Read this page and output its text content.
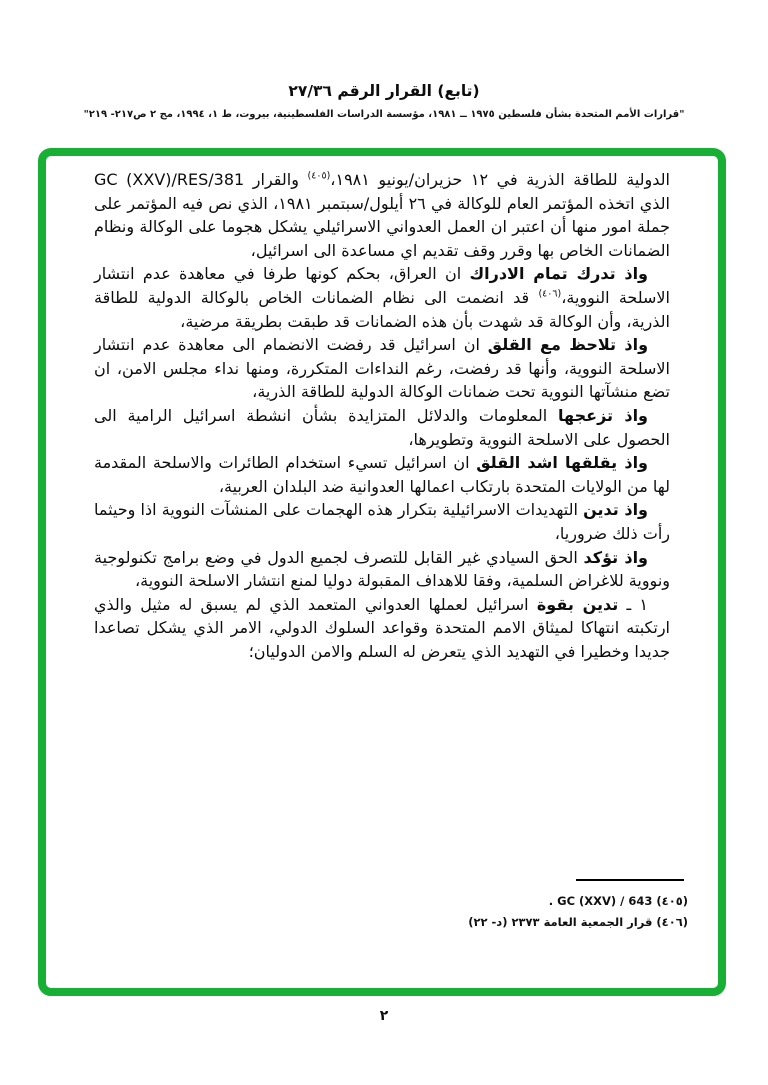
(تابع) القرار الرقم ٢٧/٣٦
"قرارات الأمم المتحدة بشأن فلسطين ١٩٧٥ ــ ١٩٨١، مؤسسة الدراسات الفلسطينية، بيروت، ط ١، ١٩٩٤، مج ٢ ص٢١٧- ٢١٩"

الدولية للطاقة الذرية في ١٢ حزيران/يونيو ١٩٨١،$^{(٤٠٥)}$ والقرار GC (XXV)/RES/381 الذي اتخذه المؤتمر العام للوكالة في ٢٦ أيلول/سبتمبر ١٩٨١، الذي نص فيه المؤتمر على جملة امور منها أن اعتبر ان العمل العدواني الاسرائيلي يشكل هجوما على الوكالة ونظام الضمانات الخاص بها وقرر وقف تقديم اي مساعدة الى اسرائيل،

واذ تدرك تمام الادراك ان العراق، بحكم كونها طرفا في معاهدة عدم انتشار الاسلحة النووية،$^{(٤٠٦)}$ قد انضمت الى نظام الضمانات الخاص بالوكالة الدولية للطاقة الذرية، وأن الوكالة قد شهدت بأن هذه الضمانات قد طبقت بطريقة مرضية،

واذ تلاحظ مع القلق ان اسرائيل قد رفضت الانضمام الى معاهدة عدم انتشار الاسلحة النووية، وأنها قد رفضت، رغم النداءات المتكررة، ومنها نداء مجلس الامن، ان تضع منشآتها النووية تحت ضمانات الوكالة الدولية للطاقة الذرية،

واذ تزعجها المعلومات والدلائل المتزايدة بشأن انشطة اسرائيل الرامية الى الحصول على الاسلحة النووية وتطويرها،

واذ يقلقها اشد القلق ان اسرائيل تسيء استخدام الطائرات والاسلحة المقدمة لها من الولايات المتحدة بارتكاب اعمالها العدوانية ضد البلدان العربية،

واذ تدين التهديدات الاسرائيلية بتكرار هذه الهجمات على المنشآت النووية اذا وحيثما رأت ذلك ضروريا،

واذ تؤكد الحق السيادي غير القابل للتصرف لجميع الدول في وضع برامج تكنولوجية ونووية للاغراض السلمية، وفقا للاهداف المقبولة دوليا لمنع انتشار الاسلحة النووية،

١ ـ تدين بقوة اسرائيل لعملها العدواني المتعمد الذي لم يسبق له مثيل والذي ارتكبته انتهاكا لميثاق الامم المتحدة وقواعد السلوك الدولي، الامر الذي يشكل تصاعدا جديدا وخطيرا في التهديد الذي يتعرض له السلم والامن الدوليان؛

(٤٠٥) GC (XXV) / 643 .
(٤٠٦) قرار الجمعية العامة ٢٣٧٣ (د- ٢٢)
٢
